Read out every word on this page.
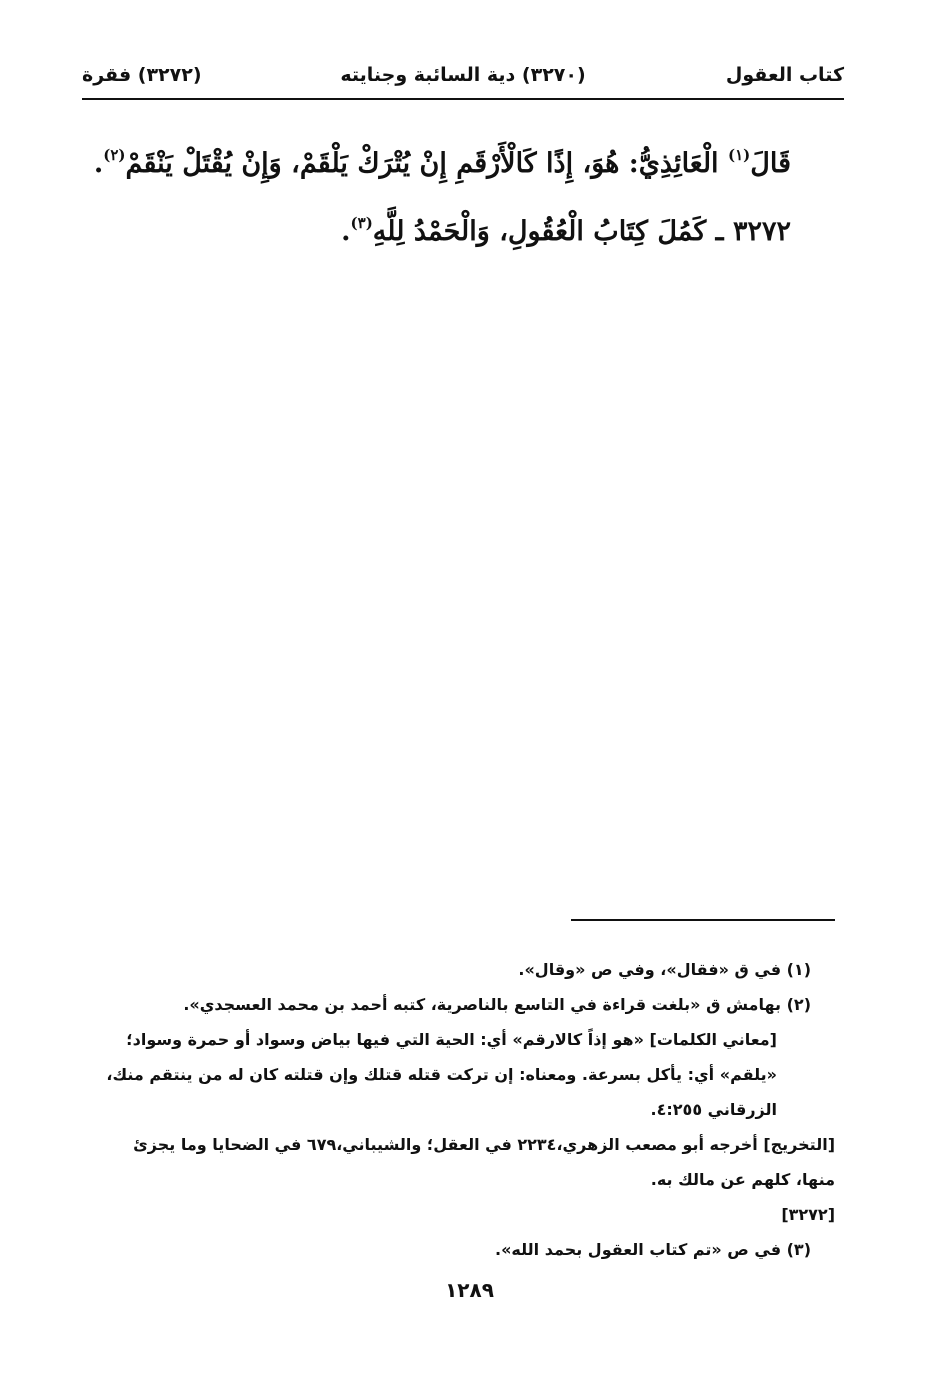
كتاب العقول
(٣٢٧٠) دية السائبة وجنايته
(٣٢٧٢) فقرة

قَالَ$^{(١)}$ الْعَائِذِيُّ: هُوَ، إِذًا كَالْأَرْقَمِ إِنْ يُتْرَكْ يَلْقَمْ، وَإِنْ يُقْتَلْ يَنْقَمْ$^{(٢)}$.

٣٢٧٢ ـ كَمُلَ كِتَابُ الْعُقُولِ، وَالْحَمْدُ لِلَّهِ$^{(٣)}$.

(١) في ق «فقال»، وفي ص «وقال».

(٢) بهامش ق «بلغت قراءة في التاسع بالناصرية، كتبه أحمد بن محمد العسجدي».

[معاني الكلمات] «هو إذاً كالارقم» أي: الحية التي فيها بياض وسواد أو حمرة وسواد؛ «يلقم» أي: يأكل بسرعة. ومعناه: إن تركت قتله قتلك وإن قتلته كان له من ينتقم منك، الزرقاني ٤:٢٥٥.

[التخريج] أخرجه أبو مصعب الزهري،٢٢٣٤ في العقل؛ والشيباني،٦٧٩ في الضحايا وما يجزئ منها، كلهم عن مالك به.

[٣٢٧٢]

(٣) في ص «تم كتاب العقول بحمد الله».

١٢٨٩
